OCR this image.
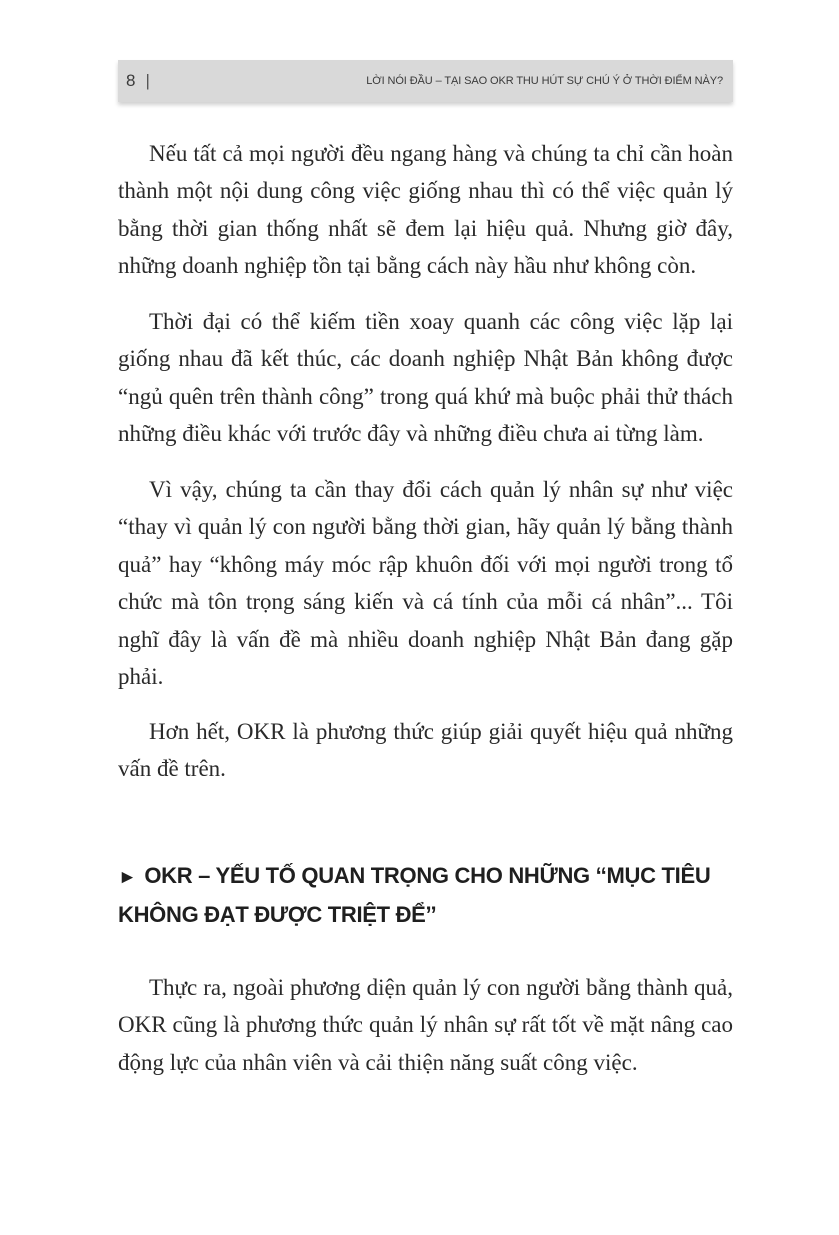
8 |	LỜI NÓI ĐẦU – TẠI SAO OKR THU HÚT SỰ CHÚ Ý Ở THỜI ĐIỂM NÀY?

Nếu tất cả mọi người đều ngang hàng và chúng ta chỉ cần hoàn thành một nội dung công việc giống nhau thì có thể việc quản lý bằng thời gian thống nhất sẽ đem lại hiệu quả. Nhưng giờ đây, những doanh nghiệp tồn tại bằng cách này hầu như không còn.

Thời đại có thể kiếm tiền xoay quanh các công việc lặp lại giống nhau đã kết thúc, các doanh nghiệp Nhật Bản không được “ngủ quên trên thành công” trong quá khứ mà buộc phải thử thách những điều khác với trước đây và những điều chưa ai từng làm.

Vì vậy, chúng ta cần thay đổi cách quản lý nhân sự như việc “thay vì quản lý con người bằng thời gian, hãy quản lý bằng thành quả” hay “không máy móc rập khuôn đối với mọi người trong tổ chức mà tôn trọng sáng kiến và cá tính của mỗi cá nhân”... Tôi nghĩ đây là vấn đề mà nhiều doanh nghiệp Nhật Bản đang gặp phải.

Hơn hết, OKR là phương thức giúp giải quyết hiệu quả những vấn đề trên.

► OKR – YẾU TỐ QUAN TRỌNG CHO NHỮNG ‘‘MỤC TIÊU KHÔNG ĐẠT ĐƯỢC TRIỆT ĐỂ’’

Thực ra, ngoài phương diện quản lý con người bằng thành quả, OKR cũng là phương thức quản lý nhân sự rất tốt về mặt nâng cao động lực của nhân viên và cải thiện năng suất công việc.
